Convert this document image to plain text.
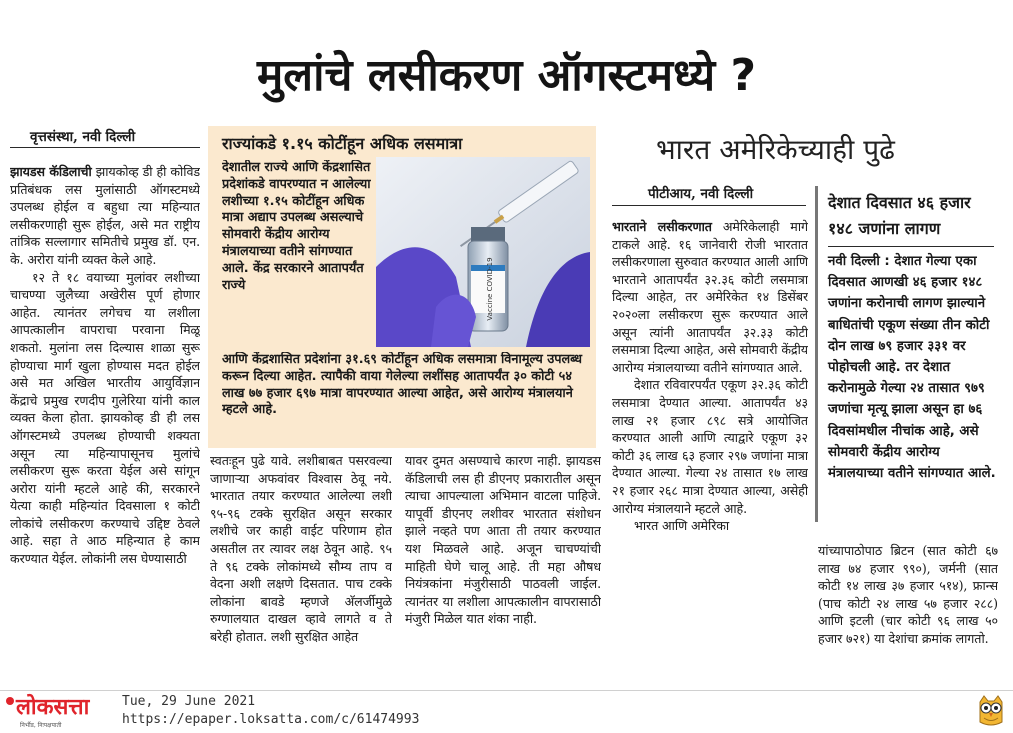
मुलांचे लसीकरण ऑगस्टमध्ये ?
वृत्तसंस्था, नवी दिल्ली

झायडस कॅडिलाची झायकोव्ह डी ही कोविड प्रतिबंधक लस मुलांसाठी ऑगस्टमध्ये उपलब्ध होईल व बहुधा त्या महिन्यात लसीकरणाही सुरू होईल, असे मत राष्ट्रीय तांत्रिक सल्लागार समितीचे प्रमुख डॉ. एन. के. अरोरा यांनी व्यक्त केले आहे.

१२ ते १८ वयाच्या मुलांवर लशीच्या चाचण्या जुलैच्या अखेरीस पूर्ण होणार आहेत. त्यानंतर लगेचच या लशीला आपत्कालीन वापराचा परवाना मिळू शकतो. मुलांना लस दिल्यास शाळा सुरू होण्याचा मार्ग खुला होण्यास मदत होईल असे मत अखिल भारतीय आयुर्विज्ञान केंद्राचे प्रमुख रणदीप गुलेरिया यांनी काल व्यक्त केला होता. झायकोव्ह डी ही लस ऑगस्टमध्ये उपलब्ध होण्याची शक्यता असून त्या महिन्यापासूनच मुलांचे लसीकरण सुरू करता येईल असे सांगून अरोरा यांनी म्हटले आहे की, सरकारने येत्या काही महिन्यांत दिवसाला १ कोटी लोकांचे लसीकरण करण्याचे उद्दिष्ट ठेवले आहे. सहा ते आठ महिन्यात हे काम करण्यात येईल. लोकांनी लस घेण्यासाठी

राज्यांकडे १.१५ कोटींहून अधिक लसमात्रा
देशातील राज्ये आणि केंद्रशासित प्रदेशांकडे वापरण्यात न आलेल्या लशीच्या १.१५ कोटींहून अधिक मात्रा अद्याप उपलब्ध असल्याचे सोमवारी केंद्रीय आरोग्य मंत्रालयाच्या वतीने सांगण्यात आले. केंद्र सरकारने आतापर्यंत राज्ये	Vaccine COVID-19
आणि केंद्रशासित प्रदेशांना ३१.६९ कोटींहून अधिक लसमात्रा विनामूल्य उपलब्ध करून दिल्या आहेत. त्यापैकी वाया गेलेल्या लशींसह आतापर्यंत ३० कोटी ५४ लाख ७७ हजार ६९७ मात्रा वापरण्यात आल्या आहेत, असे आरोग्य मंत्रालयाने म्हटले आहे.

स्वतःहून पुढे यावे. लशीबाबत पसरवल्या जाणाऱ्या अफवांवर विश्वास ठेवू नये. भारतात तयार करण्यात आलेल्या लशी ९५-९६ टक्के सुरक्षित असून सरकार लशीचे जर काही वाईट परिणाम होत असतील तर त्यावर लक्ष ठेवून आहे. ९५ ते ९६ टक्के लोकांमध्ये सौम्य ताप व वेदना अशी लक्षणे दिसतात. पाच टक्के लोकांना बावडे म्हणजे अ‍ॅलर्जीमुळे रुग्णालयात दाखल व्हावे लागते व ते बरेही होतात. लशी सुरक्षित आहेत

यावर दुमत असण्याचे कारण नाही. झायडस कॅडिलाची लस ही डीएनए प्रकारातील असून त्याचा आपल्याला अभिमान वाटला पाहिजे. यापूर्वी डीएनए लशीवर भारतात संशोधन झाले नव्हते पण आता ती तयार करण्यात यश मिळवले आहे. अजून चाचण्यांची माहिती घेणे चालू आहे. ती महा औषध नियंत्रकांना मंजुरीसाठी पाठवली जाईल. त्यानंतर या लशीला आपत्कालीन वापरासाठी मंजुरी मिळेल यात शंका नाही.

भारत अमेरिकेच्याही पुढे
पीटीआय, नवी दिल्ली

भारताने लसीकरणात अमेरिकेलाही मागे टाकले आहे. १६ जानेवारी रोजी भारतात लसीकरणाला सुरुवात करण्यात आली आणि भारताने आतापर्यंत ३२.३६ कोटी लसमात्रा दिल्या आहेत, तर अमेरिकेत १४ डिसेंबर २०२०ला लसीकरण सुरू करण्यात आले असून त्यांनी आतापर्यंत ३२.३३ कोटी लसमात्रा दिल्या आहेत, असे सोमवारी केंद्रीय आरोग्य मंत्रालयाच्या वतीने सांगण्यात आले.

देशात रविवारपर्यंत एकूण ३२.३६ कोटी लसमात्रा देण्यात आल्या. आतापर्यंत ४३ लाख २१ हजार ८९८ सत्रे आयोजित करण्यात आली आणि त्याद्वारे एकूण ३२ कोटी ३६ लाख ६३ हजार २९७ जणांना मात्रा देण्यात आल्या. गेल्या २४ तासात १७ लाख २१ हजार २६८ मात्रा देण्यात आल्या, असेही आरोग्य मंत्रालयाने म्हटले आहे.

भारत आणि अमेरिका

देशात दिवसात ४६ हजार १४८ जणांना लागण
नवी दिल्ली : देशात गेल्या एका दिवसात आणखी ४६ हजार १४८ जणांना करोनाची लागण झाल्याने बाधितांची एकूण संख्या तीन कोटी दोन लाख ७९ हजार ३३१ वर पोहोचली आहे. तर देशात करोनामुळे गेल्या २४ तासात ९७९ जणांचा मृत्यू झाला असून हा ७६ दिवसांमधील नीचांक आहे, असे सोमवारी केंद्रीय आरोग्य मंत्रालयाच्या वतीने सांगण्यात आले.

यांच्यापाठोपाठ ब्रिटन (सात कोटी ६७ लाख ७४ हजार ९९०), जर्मनी (सात कोटी १४ लाख ३७ हजार ५१४), फ्रान्स (पाच कोटी २४ लाख ५७ हजार २८८) आणि इटली (चार कोटी ९६ लाख ५० हजार ७२१) या देशांचा क्रमांक लागतो.

लोकसत्ता
निर्भीड, निःपक्षपाती
Tue, 29 June 2021
https://epaper.loksatta.com/c/61474993
